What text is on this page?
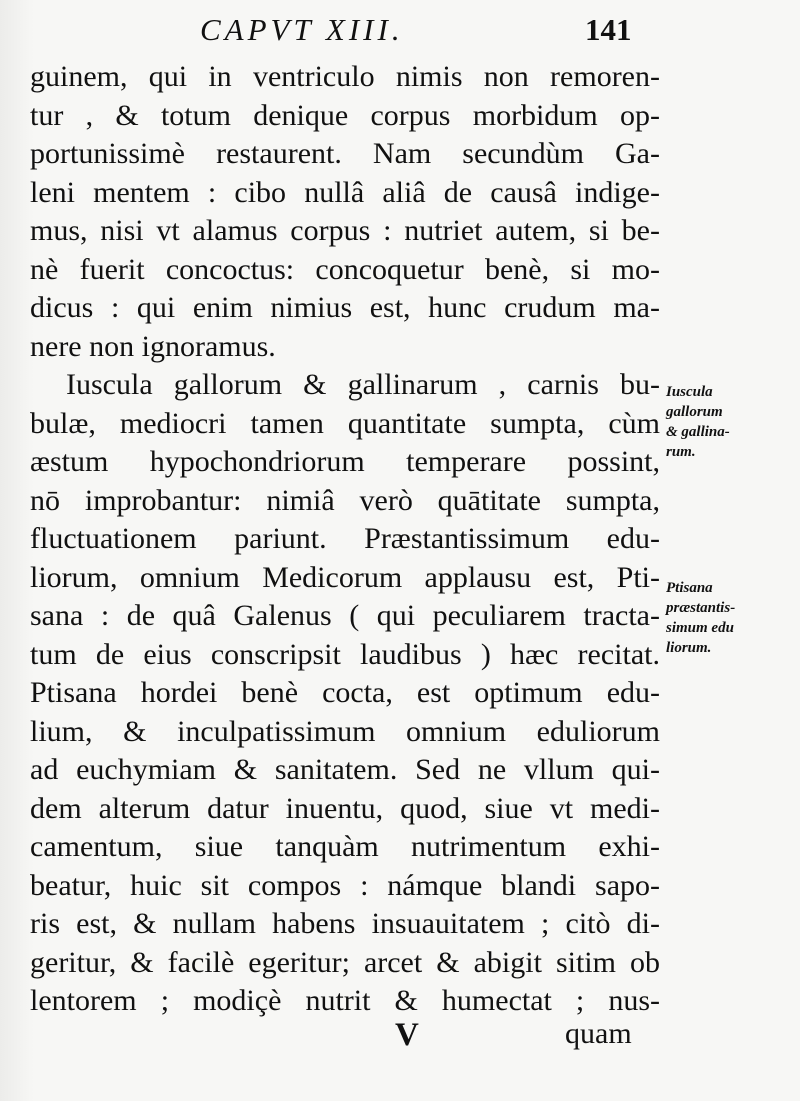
CAPVT XIII.	141
guinem, qui in ventriculo nimis non remoren-
tur , & totum denique corpus morbidum op-
portunissimè restaurent. Nam secundùm Ga-
leni mentem : cibo nullâ aliâ de causâ indige-
mus, nisi vt alamus corpus : nutriet autem, si be-
nè fuerit concoctus: concoquetur benè, si mo-
dicus : qui enim nimius est, hunc crudum ma-
nere non ignoramus.
Iuscula gallorum & gallinarum , carnis bu-
bulæ, mediocri tamen quantitate sumpta, cùm
æstum hypochondriorum temperare possint,
nō improbantur: nimiâ verò quātitate sumpta,
fluctuationem pariunt. Præstantissimum edu-
liorum, omnium Medicorum applausu est, Pti-
sana : de quâ Galenus ( qui peculiarem tracta-
tum de eius conscripsit laudibus ) hæc recitat.
Ptisana hordei benè cocta, est optimum edu-
lium, & inculpatissimum omnium eduliorum
ad euchymiam & sanitatem. Sed ne vllum qui-
dem alterum datur inuentu, quod, siue vt medi-
camentum, siue tanquàm nutrimentum exhi-
beatur, huic sit compos : námque blandi sapo-
ris est, & nullam habens insuauitatem ; citò di-
geritur, & facilè egeritur; arcet & abigit sitim ob
lentorem ; modiçè nutrit & humectat ; nus-
Iuscula
gallorum
& gallina-
rum.
Ptisana
præstantis-
simum edu
liorum.
V	quam
